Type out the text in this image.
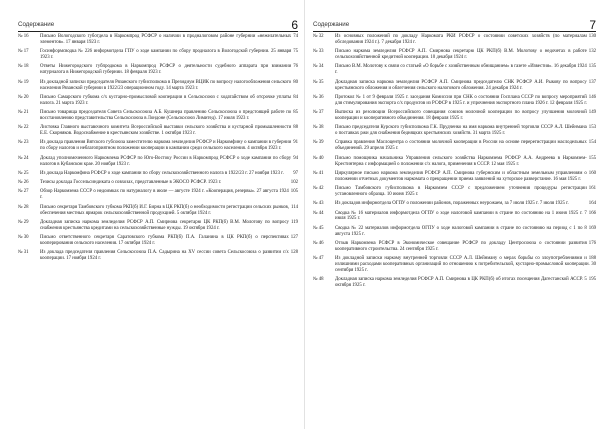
Содержание	6
№ 16	74
Письмо Вологодского губотдела в Наркомпрод РСФСР о наличии в продналоговом районе губернии «нежелательных элементов». 17 января 1923 г.
№ 17	75
Госинформсводка № 226 информотдела ГПУ о ходе кампании по сбору продналога в Вологодской губернии. 25 января 1923 г.
№ 18	76
Ответы Нижегородского губпродкома в Наркомпрод РСФСР о деятельности судебного аппарата при взимании натурналога в Нижегородской губернии. 18 февраля 1923 г.
№ 19	80
Из докладной записки председателя Рязанского губисполкома в Президиум ВЦИК по вопросу налогообложения сельского населения Рязанской губернии в 1922/23 операционном году. 14 марта 1923 г.
№ 20	84
Письмо Самарского губкома с/х кустарно-промысловой кооперации в Сельскосоюз с ходатайством об отсрочке уплаты налога. 21 марта 1923 г.
№ 21	85
Письмо товарища председателя Совета Сельскосоюза А.Б. Кушнера правлению Сельскосоюза о предстоящей работе по восстановлению представительства Сельскосоюза в Лондоне (Сельскосоюз Лимитед). 17 июля 1923 г.
№ 22	88
Листовка Главного выставочного комитета Всероссийской выставки сельского хозяйства и кустарной промышленности Е.Е. Скорняков. Водоснабжение в крестьянском хозяйстве. 1 октября 1923 г.
№ 23	91
Из доклада правления Вятского губсоюза заместителю наркома земледелия РСФСР и Наркомфину о кампании в губернии по сбору налогов и неблагоприятном положении кооперации в кампании среди сельского населения. 4 октября 1923 г.
№ 24	94
Доклад уполномоченного Наркомзема РСФСР по Юго-Востоку России в Наркомпрод РСФСР о ходе кампании по сбору налогов в Кубанском крае. 20 ноября 1923 г.
№ 25	97
Из доклада Наркомфина РСФСР о ходе кампании по сбору сельскохозяйственного налога в 1922/23 г. 27 ноября 1923 г.
№ 26	102
Тезисы доклада Госсельсиндиката о совхозах, представленные в ЭКОСО РСФСР. 1923 г.
№ 27	105
Обзор Наркомзема СССР о недоимках по натурналогу в июле — августе 1924 г. «Кооперация, резервы». 27 августа 1924 г.
№ 28	114
Письмо секретаря Тамбовского губкома РКП(б) И.Г. Бирна в ЦК РКП(б) о необходимости регистрации сельских рынков, обеспечения местных ярмарок сельскохозяйственной продукцией. 5 октября 1924 г.
№ 29	119
Докладная записка наркома земледелия РСФСР А.П. Смирнова секретарю ЦК РКП(б) В.М. Молотову по вопросу снабжения крестьянства кредитами на сельскохозяйственные нужды. 19 октября 1924 г.
№ 30	127
Письмо ответственного секретаря Саратовского губкома РКП(б) П.А. Галанина в ЦК РКП(б) о перспективах кооперирования сельского населения. 17 октября 1924 г.
№ 31	128
Из доклада председателя правления Сельскосоюза П.А. Садырина на XV сессии совета Сельскосоюза о развитии с/х кооперации. 17 ноября 1924 г.
Содержание	7
№ 32	130
Из основных положений по докладу Наркомата РКИ РСФСР о состоянии советских хозяйств (по материалам обследования 1924 г.). 7 декабря 1924 г.
№ 33	132
Письмо наркома земледелия РСФСР А.П. Смирнова секретарю ЦК РКП(б) В.М. Молотову о недочетах в работе сельскохозяйственной кредитной кооперации. 10 декабря 1924 г.
№ 34	135
Письмо В.М. Молотову к связи со статьей «О борьбе с хозяйственным обнищанием» в газете «Известия». 16 декабря 1924 г.
№ 35	137
Докладная записка наркома земледелия РСФСР А.П. Смирнова председателю СНК РСФСР А.И. Рыкову по вопросу крестьянского обложения и облегчения сельского налогового обложения. 24 декабря 1924 г.
№ 36	146
Протокол № 1 от 9 февраля 1925 г. заседания Комиссии при СНК о состоянии Госплана СССР по вопросу мероприятий для стимулирования экспорта с/х продуктов из РСФСР в 1925 г. и упрочнения экспортного плана 1926 г. 12 февраля 1925 г.
№ 37	149
Выписка из резолюции Всероссийского совещания союзов молочной кооперации по вопросу улучшения молочной кооперации и кооперативного объединения. 18 февраля 1925 г.
№ 38	153
Письмо председателя Курского губисполкома Г.К. Прудченко на имя наркома внутренней торговли СССР А.Л. Шейнмана о поставках ржи для снабжения бедняцких крестьянских хозяйств. 31 марта 1925 г.
№ 39	154
Справка правления Маслоцентра о состоянии молочной кооперации в России на основе перерегистрации маслодельных объединений. 29 апреля 1925 г.
№ 40	155
Письмо помощника начальника Управления сельского хозяйства Наркомзема РСФСР А.А. Андреева в Наркомзем-Крестинтерна с информацией о положении с/х налога, применения в СССР. 12 мая 1925 г.
№ 41	160
Циркулярное письмо наркома земледелия РСФСР А.П. Смирнова губернским и областным земельным управлениям о положении отчетных документов наркомата о прекращении приема заявлений на хуторское разверстание. 16 мая 1925 г.
№ 42	161
Письмо Тамбовского губисполкома в Наркомзем СССР с предложением уточнения процедуры регистрации установленного образца. 10 июня 1925 г.
№ 43	164
Из докладов информотдела ОГПУ о положении районов, пораженных неурожаем, за 7 июля 1925 г. 7 июля 1925 г.
№ 44	166
Сводка № 16 материалов информотдела ОГПУ о ходе налоговой кампании в стране по состоянию на 1 июня 1925 г. 7 июля 1925 г.
№ 45	169
Сводка № 22 материалов информотдела ОГПУ о ходе налоговой кампании в стране по состоянию на период с 1 по 8 августа 1925 г.
№ 46	176
Отзыв Наркомзема РСФСР в Экономическое совещание РСФСР по докладу Центросоюза о состоянии развития кооперативного строительства. 24 сентября 1925 г.
№ 47	188
Из докладной записки наркому внутренней торговли СССР А.Л. Шейнману о мерах борьбы со злоупотреблениями и излишними расходами кооперативных организаций по отношению к потребительской, кустарно-промысловой кооперации. 30 сентября 1925 г.
№ 48	195
Докладная записка наркома земледелия РСФСР А.П. Смирнова в ЦК РКП(б) об итогах посещения Дагестанской АССР. 5 октября 1925 г.
